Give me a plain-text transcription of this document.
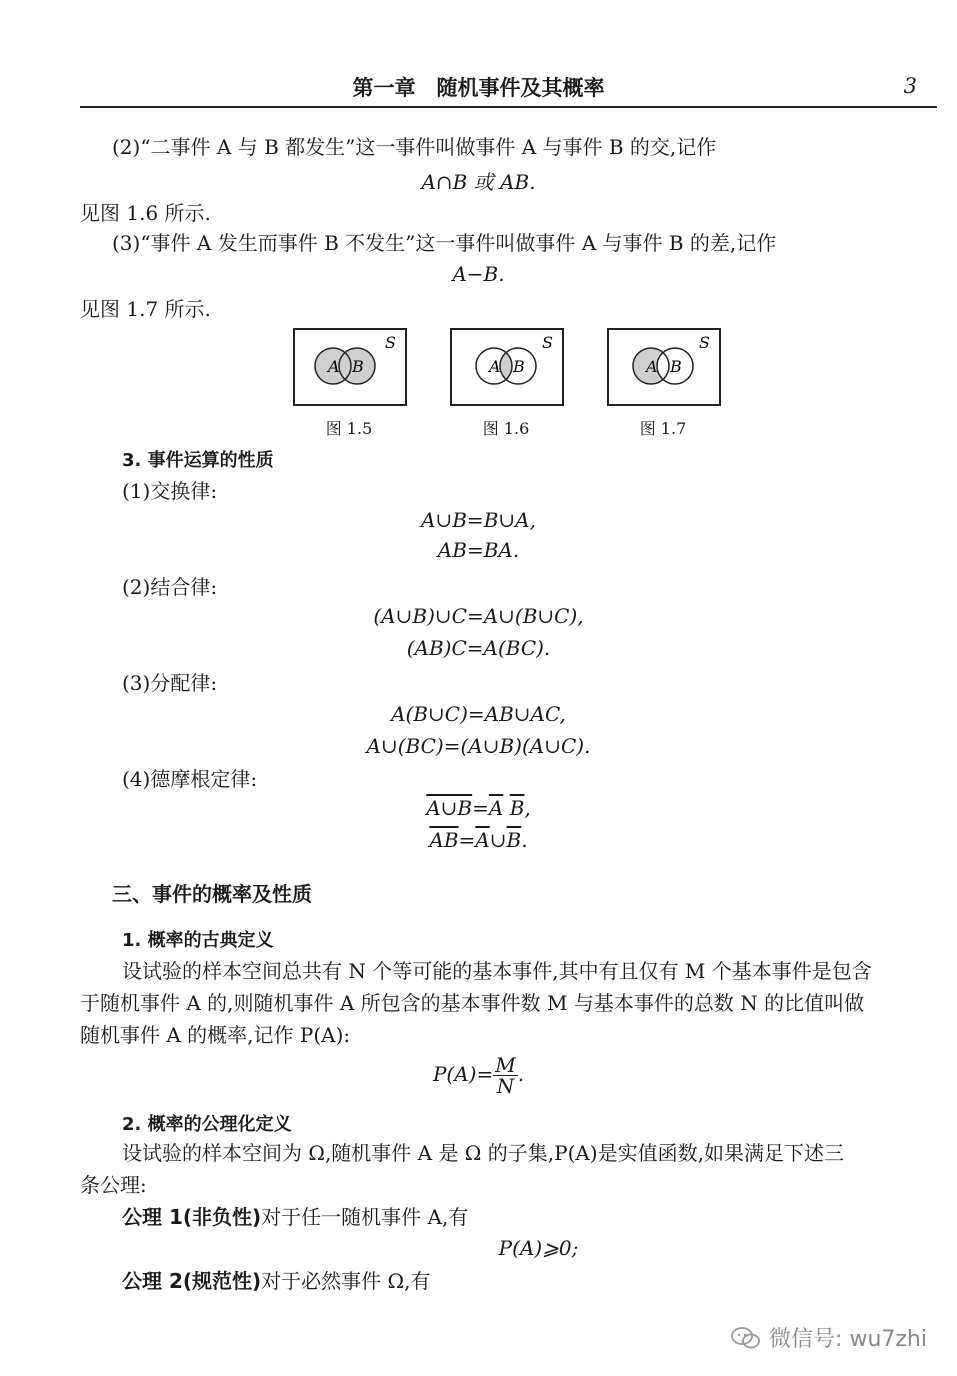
第一章　随机事件及其概率	3
(2)“二事件 A 与 B 都发生”这一事件叫做事件 A 与事件 B 的交,记作
A∩B 或 AB.
见图 1.6 所示.
(3)“事件 A 发生而事件 B 不发生”这一事件叫做事件 A 与事件 B 的差,记作
A−B.
见图 1.7 所示.
A B
S
图 1.5
A B
S
图 1.6
A B
S
图 1.7
3. 事件运算的性质
(1)交换律:
A∪B=B∪A,
AB=BA.
(2)结合律:
(A∪B)∪C=A∪(B∪C),
(AB)C=A(BC).
(3)分配律:
A(B∪C)=AB∪AC,
A∪(BC)=(A∪B)(A∪C).
(4)德摩根定律:
$A\cup B=\overline{A}$ $\overline{B}$,
$\overline{AB}=\overline{A}\cup\overline{B}$.
三、事件的概率及性质
1. 概率的古典定义
设试验的样本空间总共有 N 个等可能的基本事件,其中有且仅有 M 个基本事件是包含
于随机事件 A 的,则随机事件 A 所包含的基本事件数 M 与基本事件的总数 N 的比值叫做
随机事件 A 的概率,记作 P(A):
$P(A)= \frac{M}{N}$ .
2. 概率的公理化定义
设试验的样本空间为 Ω,随机事件 A 是 Ω 的子集,P(A)是实值函数,如果满足下述三
条公理:
公理 1(非负性)对于任一随机事件 A,有
P(A)⩾0;
公理 2(规范性)对于必然事件 Ω,有
微信号: wu7zhi
